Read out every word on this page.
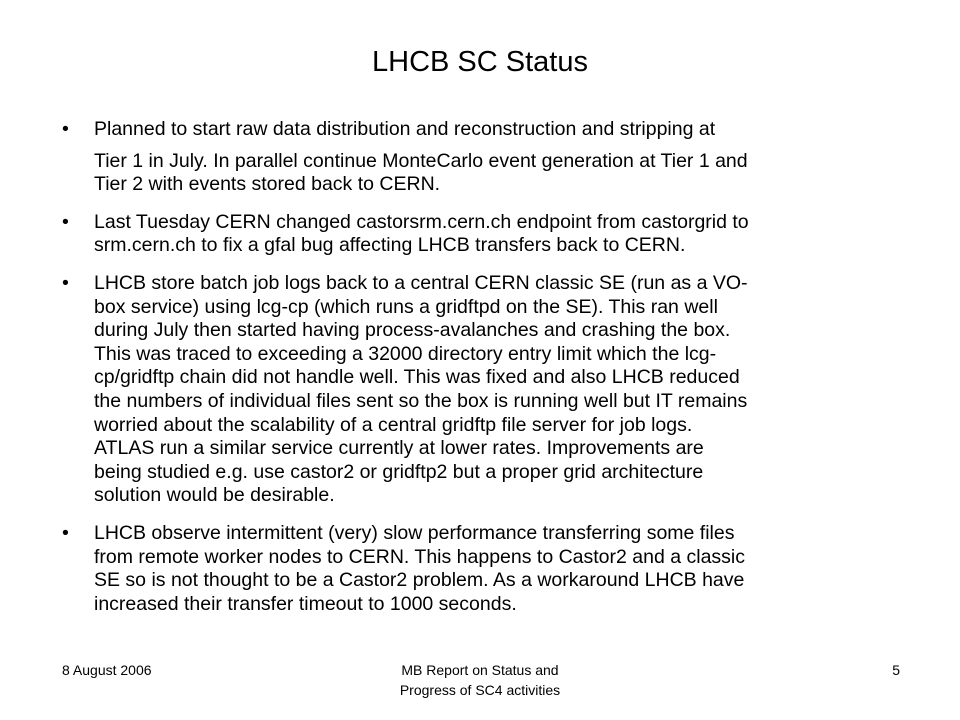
LHCB SC Status
•	Planned to start raw data distribution and reconstruction and stripping at
Tier 1 in July. In parallel continue MonteCarlo event generation at Tier 1 and
Tier 2 with events stored back to CERN.
•	Last Tuesday CERN changed castorsrm.cern.ch endpoint from castorgrid to
srm.cern.ch to fix a gfal bug affecting LHCB transfers back to CERN.
•	LHCB store batch job logs back to a central CERN classic SE (run as a VO-
box service) using lcg-cp (which runs a gridftpd on the SE). This ran well
during July then started having process-avalanches and crashing the box.
This was traced to exceeding a 32000 directory entry limit which the lcg-
cp/gridftp chain did not handle well. This was fixed and also LHCB reduced
the numbers of individual files sent so the box is running well but IT remains
worried about the scalability of a central gridftp file server for job logs.
ATLAS run a similar service currently at lower rates. Improvements are
being studied e.g. use castor2 or gridftp2 but a proper grid architecture
solution would be desirable.
•	LHCB observe intermittent (very) slow performance transferring some files
from remote worker nodes to CERN. This happens to Castor2 and a classic
SE so is not thought to be a Castor2 problem. As a workaround LHCB have
increased their transfer timeout to 1000 seconds.
8 August 2006	MB Report on Status and
Progress of SC4 activities
5
